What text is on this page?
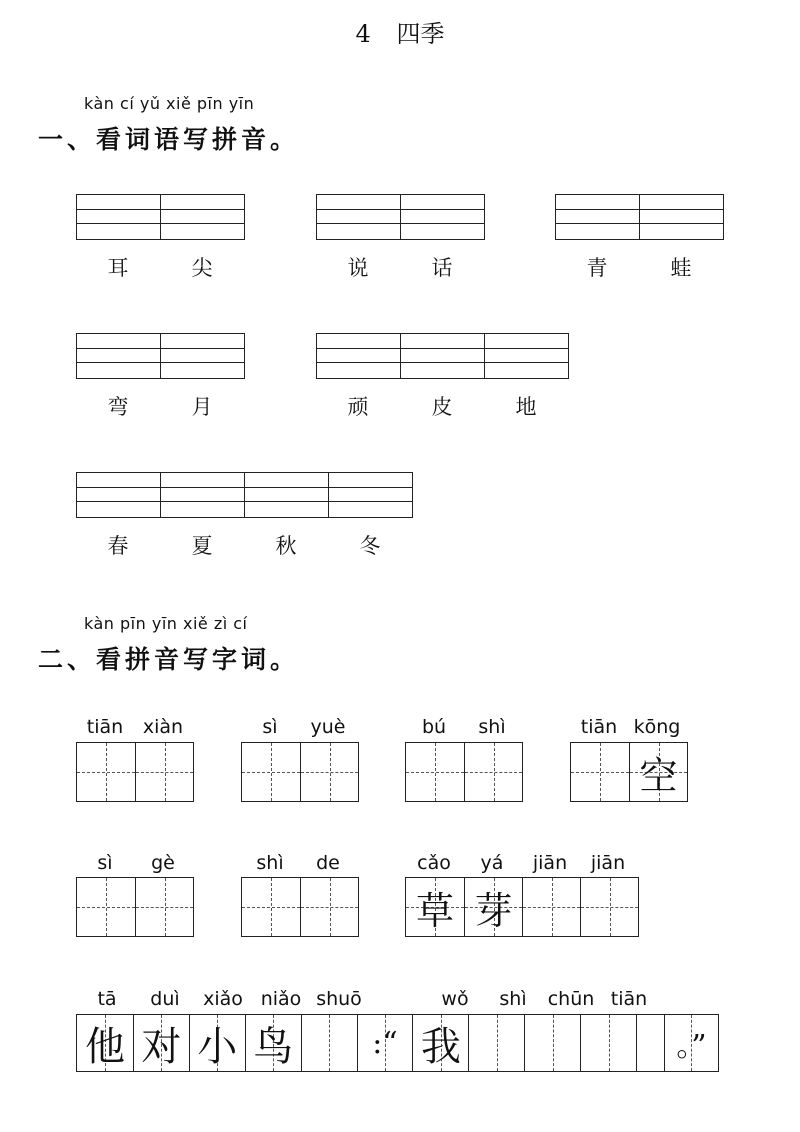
4 四季
kàn cí yǔ xiě pīn yīn
一、看词语写拼音。
耳	尖	说	话	青	蛙
弯	月	顽	皮	地
春	夏	秋	冬
kàn pīn yīn xiě zì cí
二、看拼音写字词。
tiān	xiàn	sì	yuè	bú	shì	tiān kōng
空
sì	gè	shì	de	cǎo	yá	jiān	jiān
草 芽
tā	duì	xiǎo niǎo shuō	wǒ	shì	chūn tiān
他 对 小 鸟	:“ 我	。”
